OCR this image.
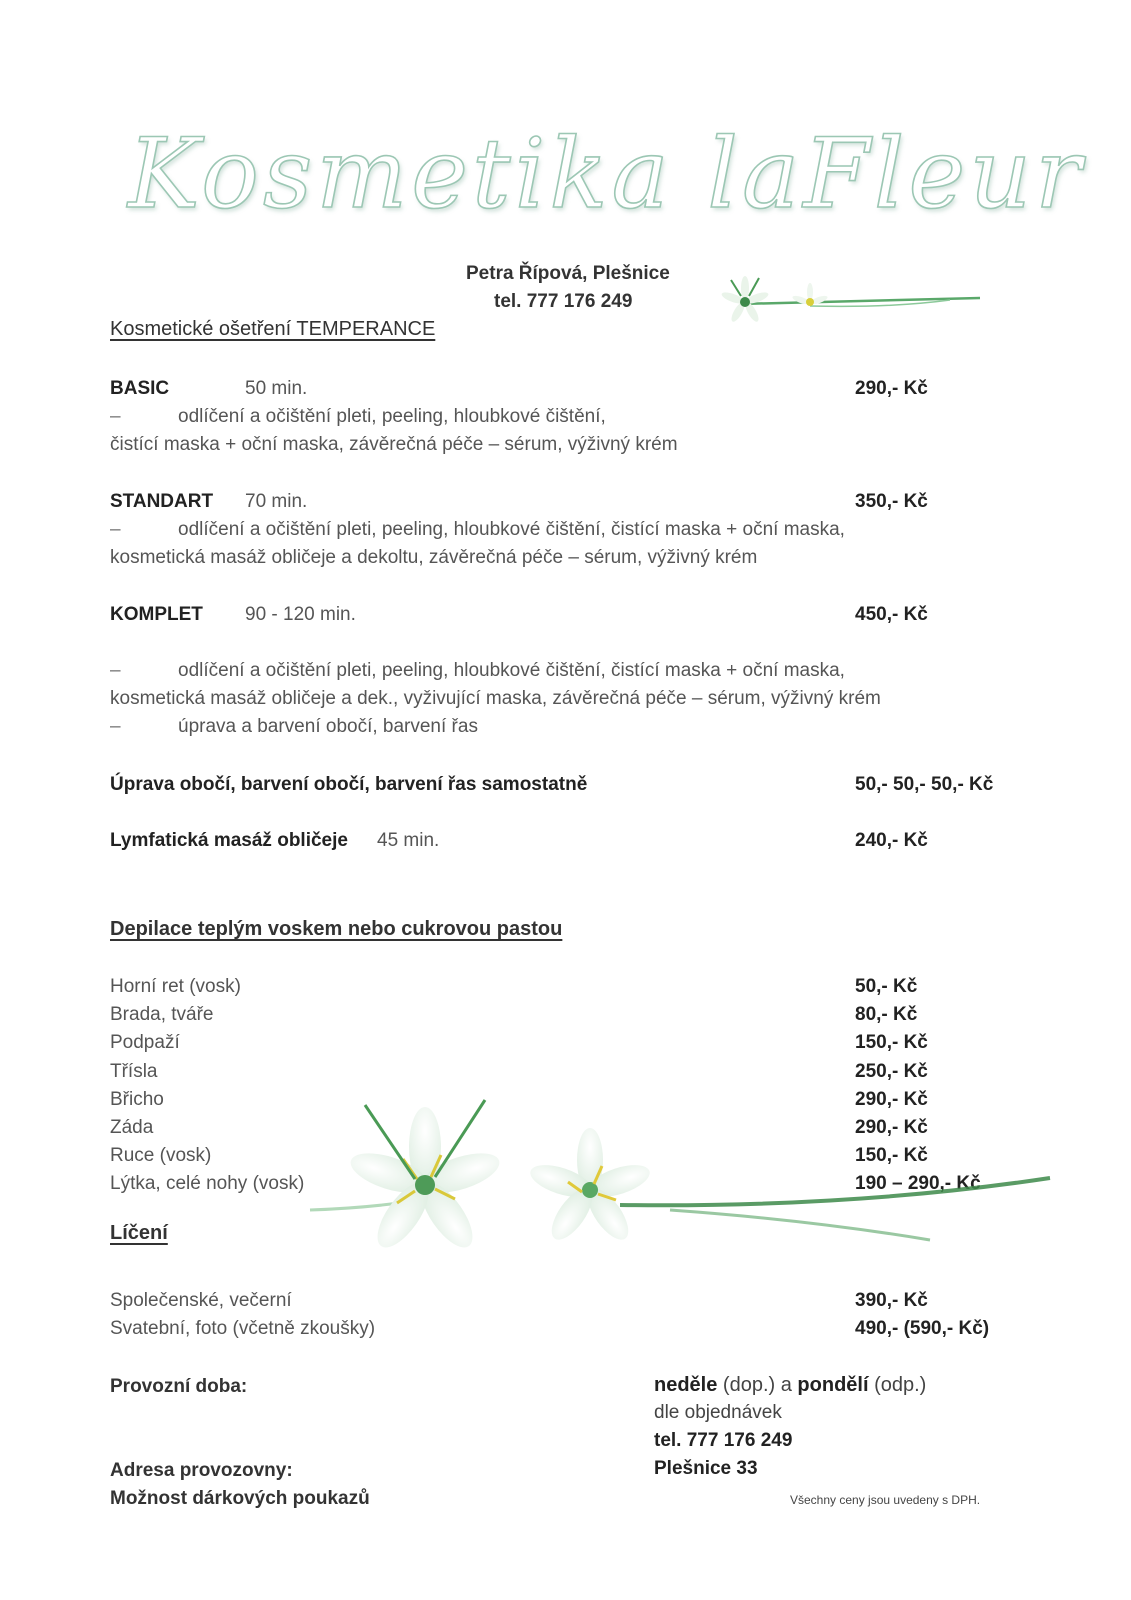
Kosmetika laFleur
Petra Řípová, Plešnice
tel. 777 176 249
Kosmetické ošetření TEMPERANCE
BASIC	50 min.	290,- Kč
–	odlíčení a očištění pleti, peeling, hloubkové čištění,
čistící maska + oční maska, závěrečná péče – sérum, výživný krém
STANDART 70 min.	350,- Kč
–	odlíčení a očištění pleti, peeling, hloubkové čištění, čistící maska + oční maska,
kosmetická masáž obličeje a dekoltu, závěrečná péče – sérum, výživný krém
KOMPLET 90 - 120 min.	450,- Kč
–	odlíčení a očištění pleti, peeling, hloubkové čištění, čistící maska + oční maska,
kosmetická masáž obličeje a dek., vyživující maska, závěrečná péče – sérum, výživný krém
–	úprava a barvení obočí, barvení řas
Úprava obočí, barvení obočí, barvení řas samostatně	50,- 50,- 50,- Kč
Lymfatická masáž obličeje 45 min.	240,- Kč
Depilace teplým voskem nebo cukrovou pastou
Horní ret (vosk)	50,- Kč
Brada, tváře	80,- Kč
Podpaží	150,- Kč
Třísla	250,- Kč
Břicho	290,- Kč
Záda	290,- Kč
Ruce (vosk)	150,- Kč
Lýtka, celé nohy (vosk)	190 – 290,- Kč
Líčení
Společenské, večerní	390,- Kč
Svatební, foto (včetně zkoušky)	490,- (590,- Kč)
Provozní doba:	neděle (dop.) a pondělí (odp.)
dle objednávek
tel. 777 176 249
Adresa provozovny:	Plešnice 33
Možnost dárkových poukazů	Všechny ceny jsou uvedeny s DPH.
